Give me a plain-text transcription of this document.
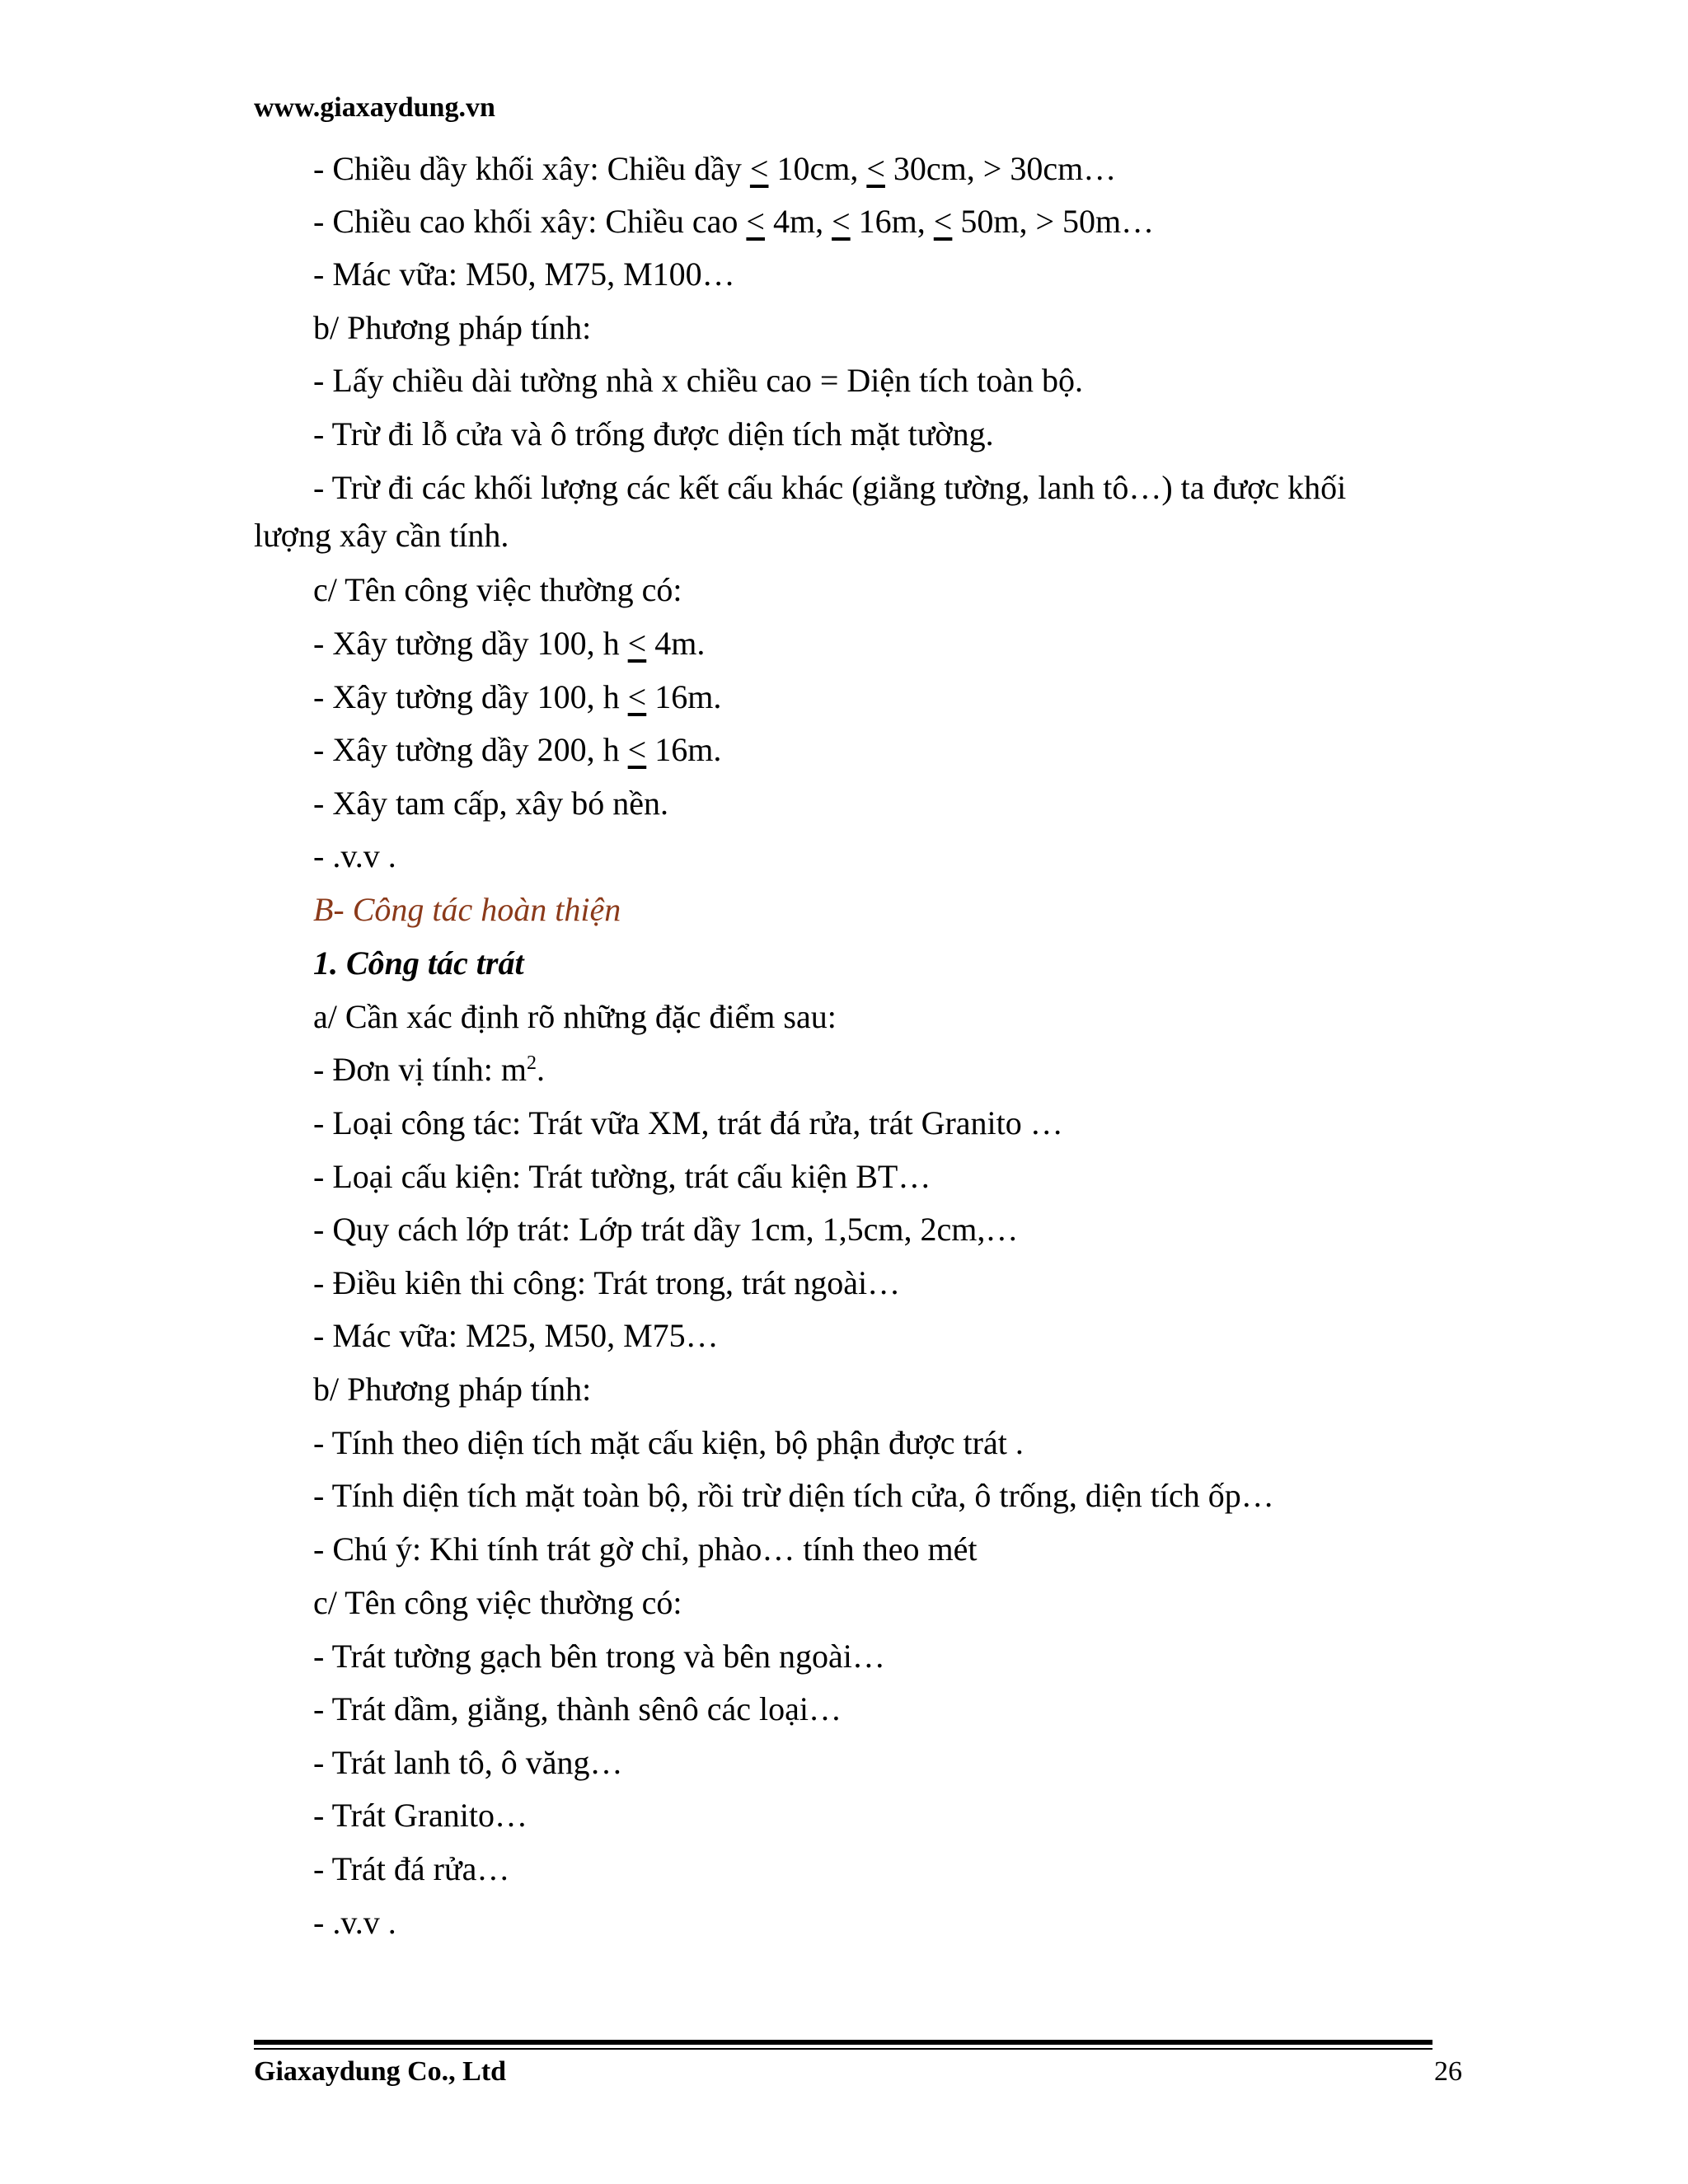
www.giaxaydung.vn
- Chiều dầy khối xây: Chiều dầy < 10cm, < 30cm, > 30cm…
- Chiều cao khối xây: Chiều cao < 4m, < 16m, < 50m, > 50m…
- Mác vữa: M50, M75, M100…
b/ Phương pháp tính:
- Lấy chiều dài tường nhà x chiều cao = Diện tích toàn bộ.
- Trừ đi lỗ cửa và ô trống được diện tích mặt tường.
- Trừ đi các khối lượng các kết cấu khác (giằng tường, lanh tô…) ta được khối
lượng xây cần tính.
c/ Tên công việc thường có:
- Xây tường dầy 100, h < 4m.
- Xây tường dầy 100, h < 16m.
- Xây tường dầy 200, h < 16m.
- Xây tam cấp, xây bó nền.
- .v.v .
B- Công tác hoàn thiện
1. Công tác trát
a/ Cần xác định rõ những đặc điểm sau:
- Đơn vị tính: $m^2$.
- Loại công tác: Trát vữa XM, trát đá rửa, trát Granito …
- Loại cấu kiện: Trát tường, trát cấu kiện BT…
- Quy cách lớp trát: Lớp trát dầy 1cm, 1,5cm, 2cm,…
- Điều kiên thi công: Trát trong, trát ngoài…
- Mác vữa: M25, M50, M75…
b/ Phương pháp tính:
- Tính theo diện tích mặt cấu kiện, bộ phận được trát .
- Tính diện tích mặt toàn bộ, rồi trừ diện tích cửa, ô trống, diện tích ốp…
- Chú ý: Khi tính trát gờ chỉ, phào… tính theo mét
c/ Tên công việc thường có:
- Trát tường gạch bên trong và bên ngoài…
- Trát dầm, giằng, thành sênô các loại…
- Trát lanh tô, ô văng…
- Trát Granito…
- Trát đá rửa…
- .v.v .
Giaxaydung Co., Ltd	26
